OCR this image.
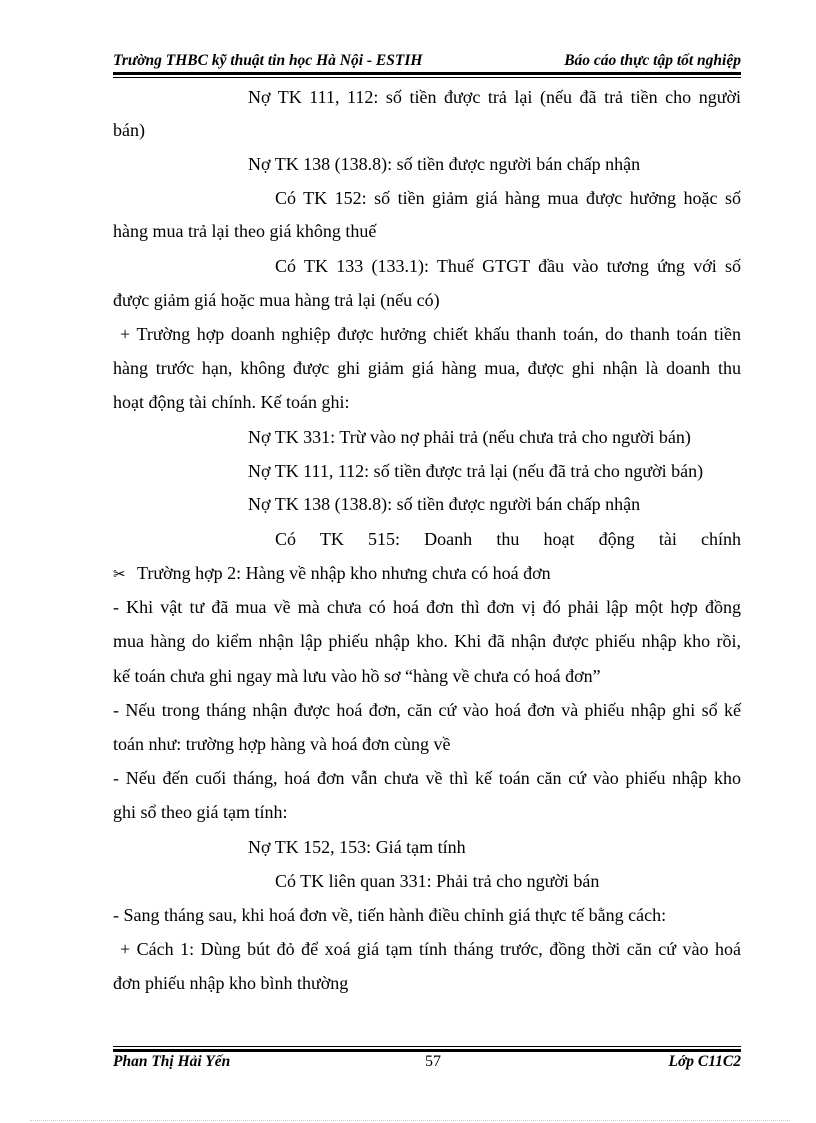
Trường THBC kỹ thuật tin học Hà Nội - ESTIH	Báo cáo thực tập tốt nghiệp
Nợ TK 111, 112: số tiền được trả lại (nếu đã trả tiền cho người
bán)
Nợ TK 138 (138.8): số tiền được người bán chấp nhận
Có TK 152: số tiền giảm giá hàng mua được hưởng hoặc số
hàng mua trả lại theo giá không thuế
Có TK 133 (133.1): Thuế GTGT đầu vào tương ứng với số
được giảm giá hoặc mua hàng trả lại (nếu có)
+ Trường hợp doanh nghiệp được hưởng chiết khấu thanh toán, do thanh toán tiền
hàng trước hạn, không được ghi giảm giá hàng mua, được ghi nhận là doanh thu
hoạt động tài chính. Kế toán ghi:
Nợ TK 331: Trừ vào nợ phải trả (nếu chưa trả cho người bán)
Nợ TK 111, 112: số tiền được trả lại (nếu đã trả cho người bán)
Nợ TK 138 (138.8): số tiền được người bán chấp nhận
Có TK 515: Doanh thu hoạt động tài chính
✂ Trường hợp 2: Hàng về nhập kho nhưng chưa có hoá đơn
- Khi vật tư đã mua về mà chưa có hoá đơn thì đơn vị đó phải lập một hợp đồng
mua hàng do kiểm nhận lập phiếu nhập kho. Khi đã nhận được phiếu nhập kho rồi,
kế toán chưa ghi ngay mà lưu vào hồ sơ “hàng về chưa có hoá đơn”
- Nếu trong tháng nhận được hoá đơn, căn cứ vào hoá đơn và phiếu nhập ghi sổ kế
toán như: trường hợp hàng và hoá đơn cùng về
- Nếu đến cuối tháng, hoá đơn vẫn chưa về thì kế toán căn cứ vào phiếu nhập kho
ghi sổ theo giá tạm tính:
Nợ TK 152, 153: Giá tạm tính
Có TK liên quan 331: Phải trả cho người bán
- Sang tháng sau, khi hoá đơn về, tiến hành điều chỉnh giá thực tế bằng cách:
+ Cách 1: Dùng bút đỏ để xoá giá tạm tính tháng trước, đồng thời căn cứ vào hoá
đơn phiếu nhập kho bình thường
Phan Thị Hải Yến	57	Lớp C11C2
